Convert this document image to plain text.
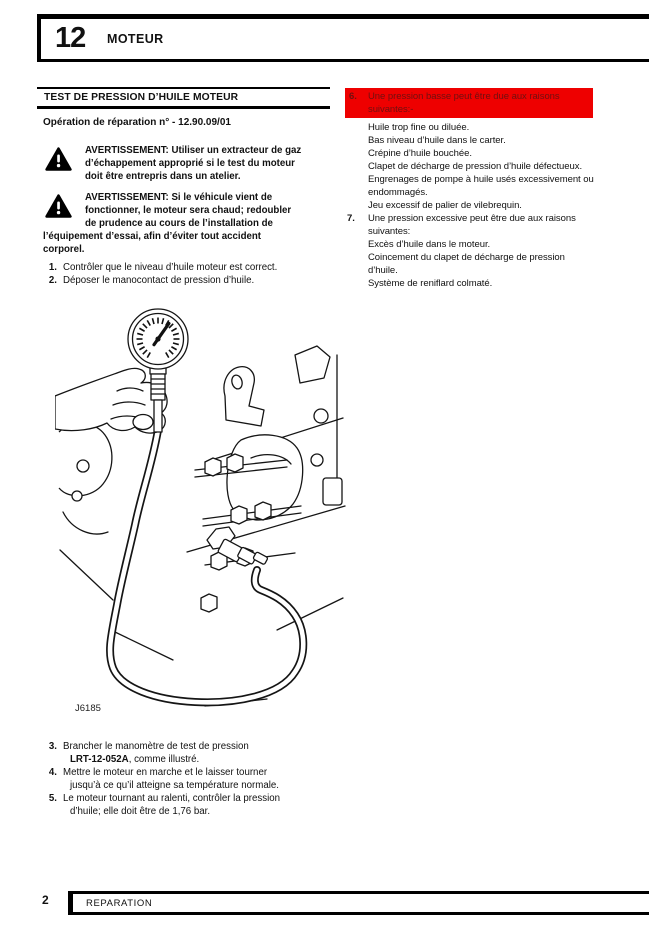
12 MOTEUR
TEST DE PRESSION D’HUILE MOTEUR
Opération de réparation n° - 12.90.09/01
AVERTISSEMENT: Utiliser un extracteur de gaz
d’échappement approprié si le test du moteur
doit être entrepris dans un atelier.
AVERTISSEMENT: Si le véhicule vient de
fonctionner, le moteur sera chaud; redoubler
de prudence au cours de l’installation de
l’équipement d’essai, afin d’éviter tout accident
corporel.
1. Contrôler que le niveau d’huile moteur est correct.
2. Déposer le manocontact de pression d’huile.
J6185
3. Brancher le manomètre de test de pression
LRT-12-052A, comme illustré.
4. Mettre le moteur en marche et le laisser tourner
jusqu’à ce qu’il atteigne sa température normale.
5. Le moteur tournant au ralenti, contrôler la pression
d’huile; elle doit être de 1,76 bar.
6.	Une pression basse peut être due aux raisons
suivantes:-
Huile trop fine ou diluée.
Bas niveau d’huile dans le carter.
Crépine d’huile bouchée.
Clapet de décharge de pression d’huile défectueux.
Engrenages de pompe à huile usés excessivement ou
endommagés.
Jeu excessif de palier de vilebrequin.
7.	Une pression excessive peut être due aux raisons
suivantes:
Excès d’huile dans le moteur.
Coincement du clapet de décharge de pression
d’huile.
Système de reniflard colmaté.
2	REPARATION
